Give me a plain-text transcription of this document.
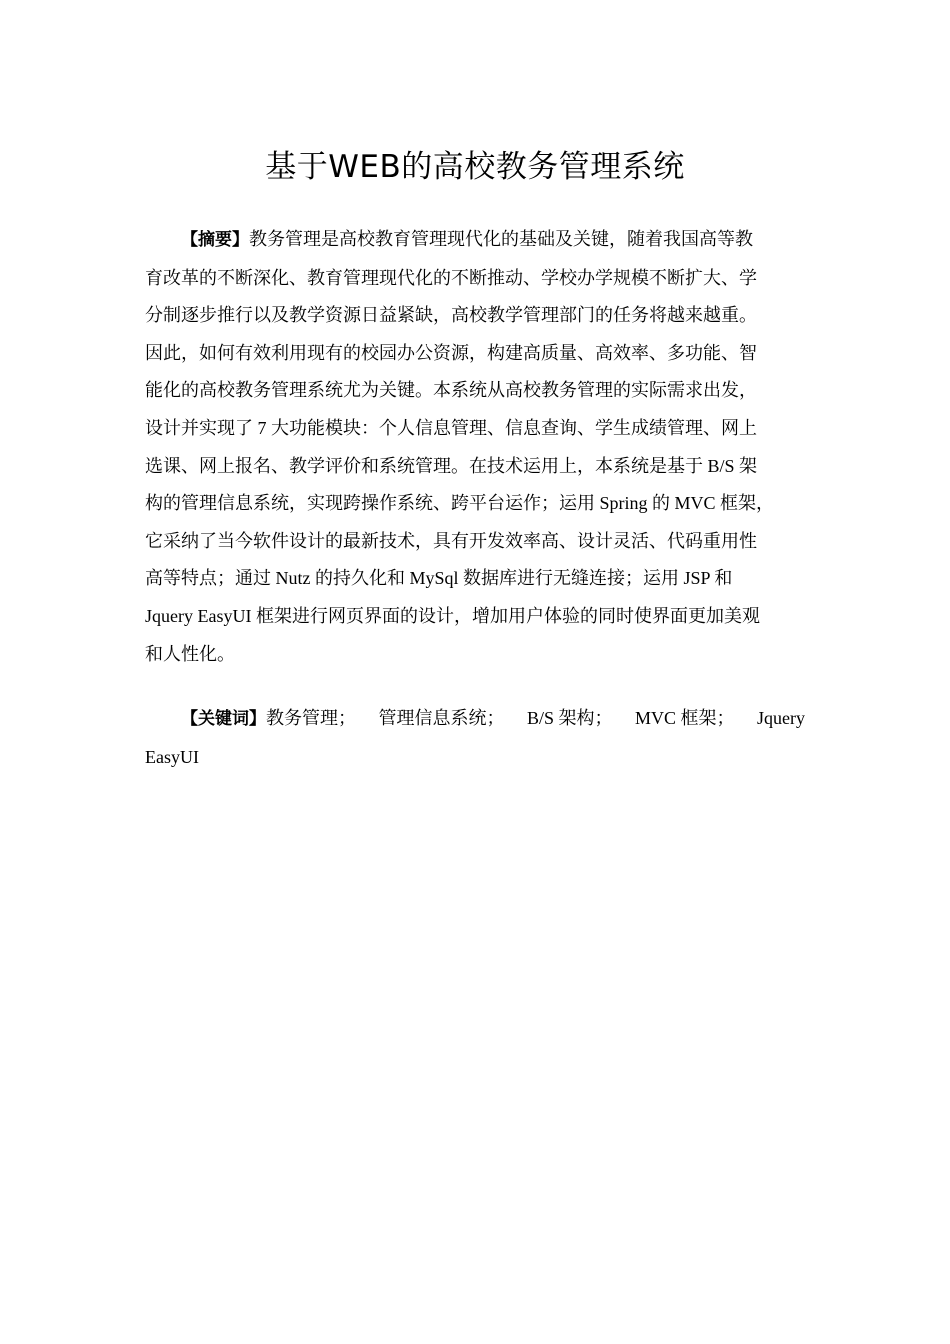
基于WEB的高校教务管理系统
【摘要】教务管理是高校教育管理现代化的基础及关键，随着我国高等教
育改革的不断深化、教育管理现代化的不断推动、学校办学规模不断扩大、学
分制逐步推行以及教学资源日益紧缺，高校教学管理部门的任务将越来越重。
因此，如何有效利用现有的校园办公资源，构建高质量、高效率、多功能、智
能化的高校教务管理系统尤为关键。本系统从高校教务管理的实际需求出发，
设计并实现了 7 大功能模块：个人信息管理、信息查询、学生成绩管理、网上
选课、网上报名、教学评价和系统管理。在技术运用上，本系统是基于 B/S 架
构的管理信息系统，实现跨操作系统、跨平台运作；运用 Spring 的 MVC 框架，
它采纳了当今软件设计的最新技术，具有开发效率高、设计灵活、代码重用性
高等特点；通过 Nutz 的持久化和 MySql 数据库进行无缝连接；运用 JSP 和
Jquery EasyUI 框架进行网页界面的设计，增加用户体验的同时使界面更加美观
和人性化。
【关键词】教务管理； 管理信息系统； B/S 架构； MVC 框架； Jquery
EasyUI
